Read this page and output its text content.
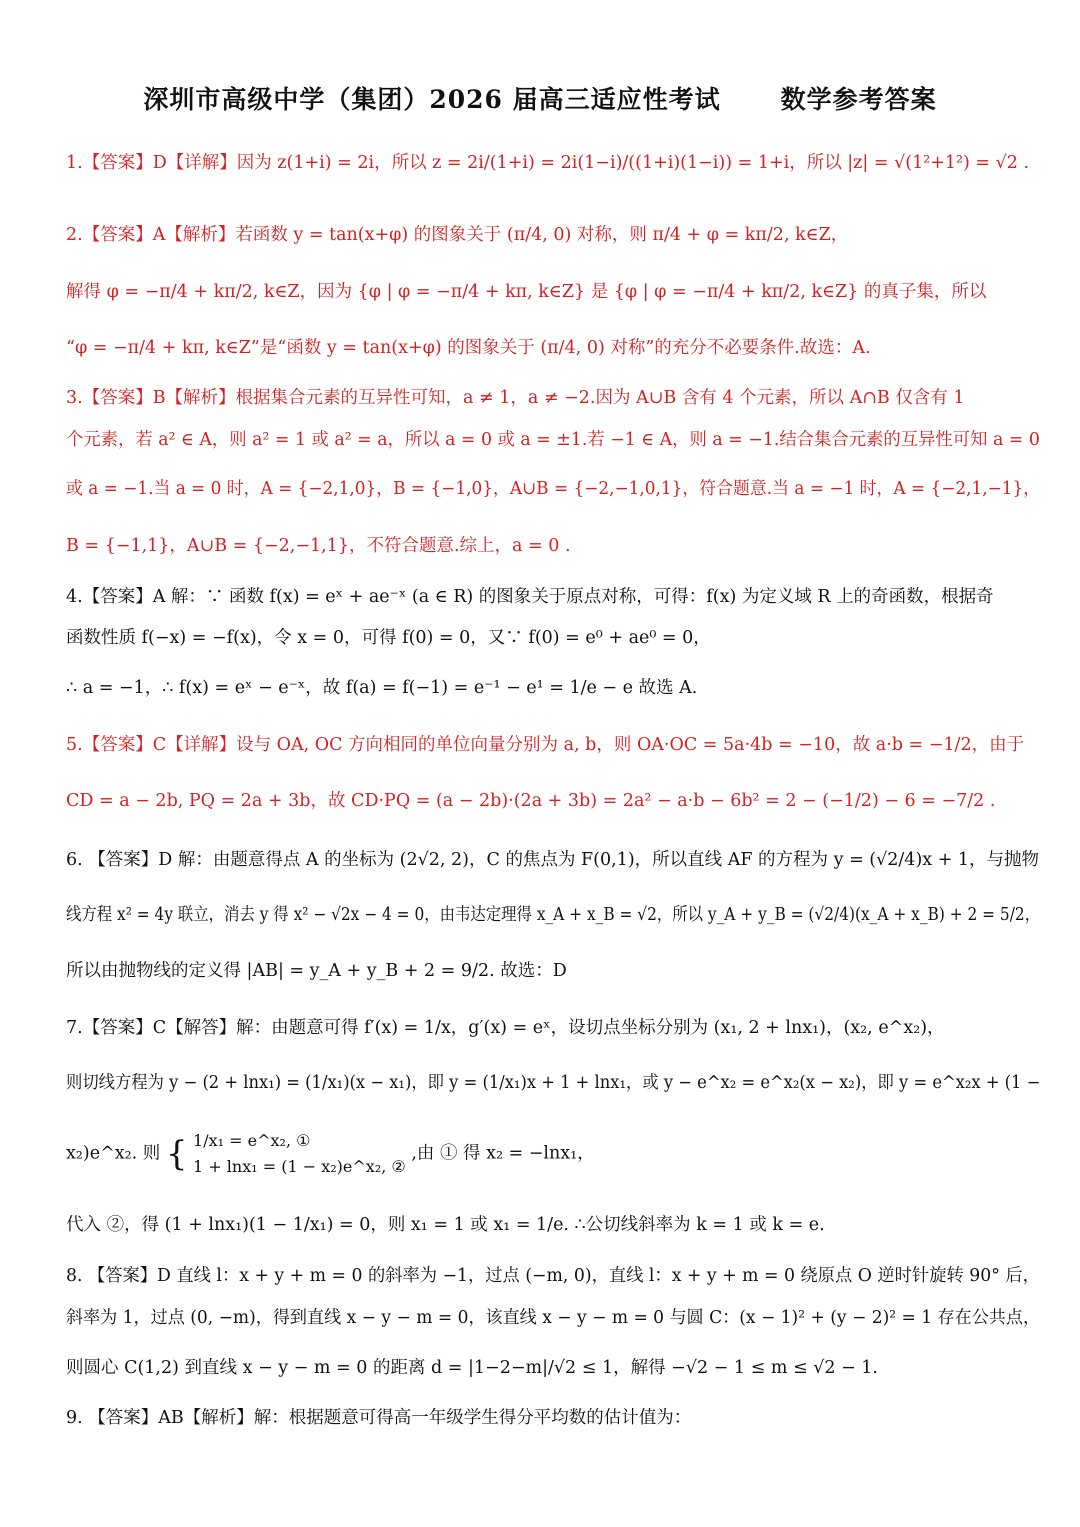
深圳市高级中学（集团）2026 届高三适应性考试 数学参考答案
1.【答案】D【详解】因为 z(1+i) = 2i，所以 z = 2i/(1+i) = 2i(1−i)/((1+i)(1−i)) = 1+i，所以 |z| = √(1²+1²) = √2 .
2.【答案】A【解析】若函数 y = tan(x+φ) 的图象关于 (π/4, 0) 对称，则 π/4 + φ = kπ/2, k∈Z，
解得 φ = −π/4 + kπ/2, k∈Z，因为 {φ | φ = −π/4 + kπ, k∈Z} 是 {φ | φ = −π/4 + kπ/2, k∈Z} 的真子集，所以
“φ = −π/4 + kπ, k∈Z”是“函数 y = tan(x+φ) 的图象关于 (π/4, 0) 对称”的充分不必要条件.故选：A.
3.【答案】B【解析】根据集合元素的互异性可知，a ≠ 1，a ≠ −2.因为 A∪B 含有 4 个元素，所以 A∩B 仅含有 1
个元素，若 a² ∈ A，则 a² = 1 或 a² = a，所以 a = 0 或 a = ±1.若 −1 ∈ A，则 a = −1.结合集合元素的互异性可知 a = 0
或 a = −1.当 a = 0 时，A = {−2,1,0}，B = {−1,0}，A∪B = {−2,−1,0,1}，符合题意.当 a = −1 时，A = {−2,1,−1}，
B = {−1,1}，A∪B = {−2,−1,1}，不符合题意.综上，a = 0 .
4.【答案】A 解：∵ 函数 f(x) = eˣ + ae⁻ˣ (a ∈ R) 的图象关于原点对称，可得：f(x) 为定义域 R 上的奇函数，根据奇
函数性质 f(−x) = −f(x)，令 x = 0，可得 f(0) = 0，又∵ f(0) = e⁰ + ae⁰ = 0，
∴ a = −1，∴ f(x) = eˣ − e⁻ˣ，故 f(a) = f(−1) = e⁻¹ − e¹ = 1/e − e 故选 A.
5.【答案】C【详解】设与 OA, OC 方向相同的单位向量分别为 a, b，则 OA·OC = 5a·4b = −10，故 a·b = −1/2，由于
CD = a − 2b, PQ = 2a + 3b，故 CD·PQ = (a − 2b)·(2a + 3b) = 2a² − a·b − 6b² = 2 − (−1/2) − 6 = −7/2 .
6. 【答案】D 解：由题意得点 A 的坐标为 (2√2, 2)，C 的焦点为 F(0,1)，所以直线 AF 的方程为 y = (√2/4)x + 1，与抛物
线方程 x² = 4y 联立，消去 y 得 x² − √2x − 4 = 0，由韦达定理得 x_A + x_B = √2，所以 y_A + y_B = (√2/4)(x_A + x_B) + 2 = 5/2，
所以由抛物线的定义得 |AB| = y_A + y_B + 2 = 9/2. 故选：D
7.【答案】C【解答】解：由题意可得 f′(x) = 1/x，g′(x) = eˣ，设切点坐标分别为 (x₁, 2 + lnx₁)，(x₂, e^x₂)，
则切线方程为 y − (2 + lnx₁) = (1/x₁)(x − x₁)，即 y = (1/x₁)x + 1 + lnx₁，或 y − e^x₂ = e^x₂(x − x₂)，即 y = e^x₂x + (1 −
x₂)e^x₂. 则 { 1/x₁ = e^x₂, ①
1 + lnx₁ = (1 − x₂)e^x₂, ②
,由 ① 得 x₂ = −lnx₁，
代入 ②，得 (1 + lnx₁)(1 − 1/x₁) = 0，则 x₁ = 1 或 x₁ = 1/e. ∴公切线斜率为 k = 1 或 k = e.
8. 【答案】D 直线 l：x + y + m = 0 的斜率为 −1，过点 (−m, 0)，直线 l：x + y + m = 0 绕原点 O 逆时针旋转 90° 后，
斜率为 1，过点 (0, −m)，得到直线 x − y − m = 0，该直线 x − y − m = 0 与圆 C：(x − 1)² + (y − 2)² = 1 存在公共点，
则圆心 C(1,2) 到直线 x − y − m = 0 的距离 d = |1−2−m|/√2 ≤ 1，解得 −√2 − 1 ≤ m ≤ √2 − 1.
9. 【答案】AB【解析】解：根据题意可得高一年级学生得分平均数的估计值为：
